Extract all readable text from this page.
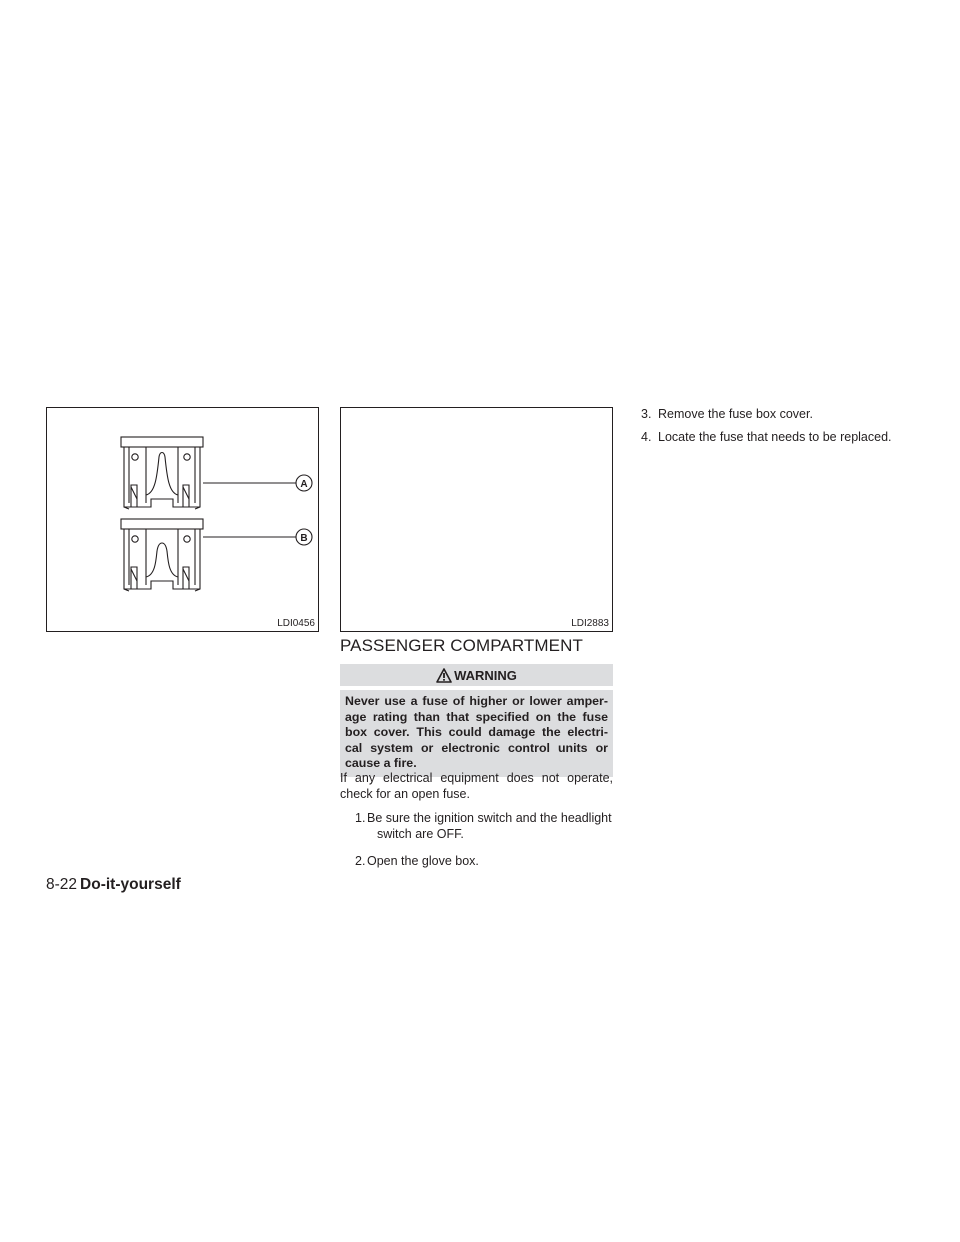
A
B
LDI0456	LDI2883
PASSENGER COMPARTMENT
WARNING
Never use a fuse of higher or lower amper-
age rating than that specified on the fuse
box cover. This could damage the electri-
cal system or electronic control units or
cause a fire.
If any electrical equipment does not operate,
check for an open fuse.
1. Be sure the ignition switch and the headlight
switch are OFF.
2. Open the glove box.
3. Remove the fuse box cover.
4. Locate the fuse that needs to be replaced.
8-22 Do-it-yourself
